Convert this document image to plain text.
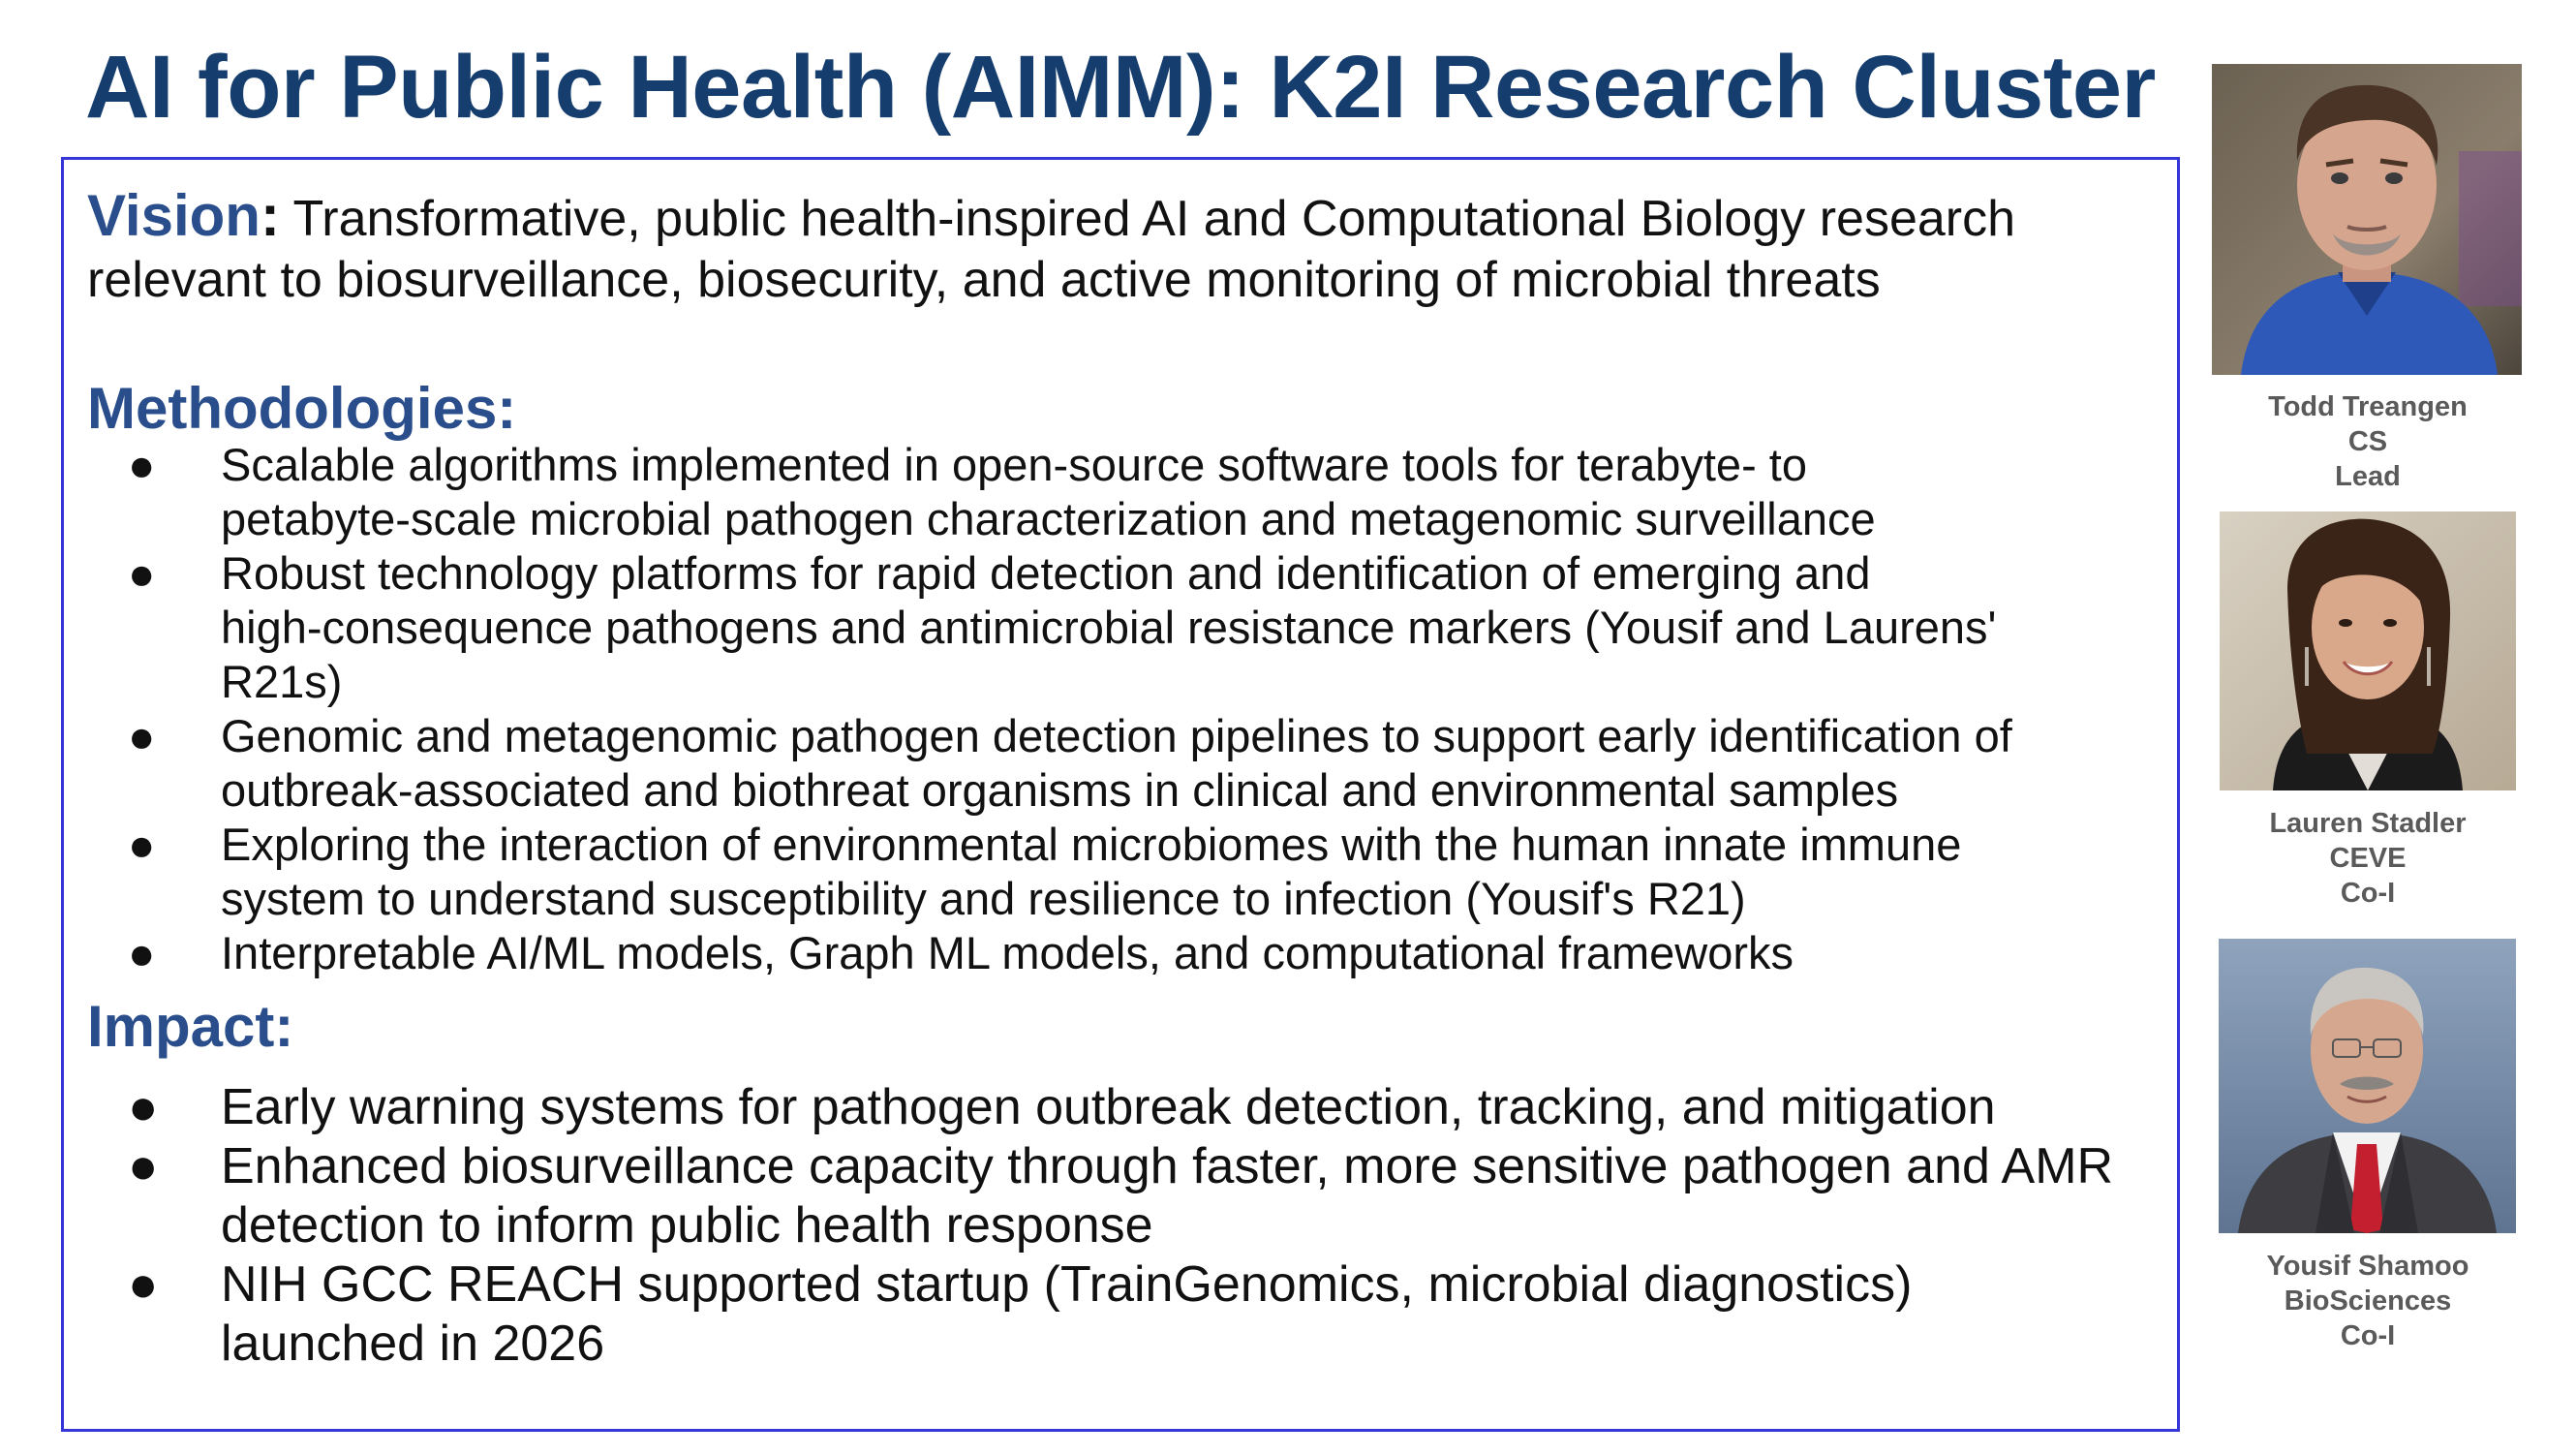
AI for Public Health (AIMM): K2I Research Cluster
Vision: Transformative, public health-inspired AI and Computational Biology research relevant to biosurveillance, biosecurity, and active monitoring of microbial threats
Methodologies:
● Scalable algorithms implemented in open-source software tools for terabyte- to
petabyte-scale microbial pathogen characterization and metagenomic surveillance
● Robust technology platforms for rapid detection and identification of emerging and
high-consequence pathogens and antimicrobial resistance markers (Yousif and Laurens'
R21s)
● Genomic and metagenomic pathogen detection pipelines to support early identification of
outbreak-associated and biothreat organisms in clinical and environmental samples
● Exploring the interaction of environmental microbiomes with the human innate immune
system to understand susceptibility and resilience to infection (Yousif's R21)
● Interpretable AI/ML models, Graph ML models, and computational frameworks
Impact:
● Early warning systems for pathogen outbreak detection, tracking, and mitigation
● Enhanced biosurveillance capacity through faster, more sensitive pathogen and AMR
detection to inform public health response
● NIH GCC REACH supported startup (TrainGenomics, microbial diagnostics)
launched in 2026
Todd Treangen
CS
Lead
Lauren Stadler
CEVE
Co-I
Yousif Shamoo
BioSciences
Co-I
